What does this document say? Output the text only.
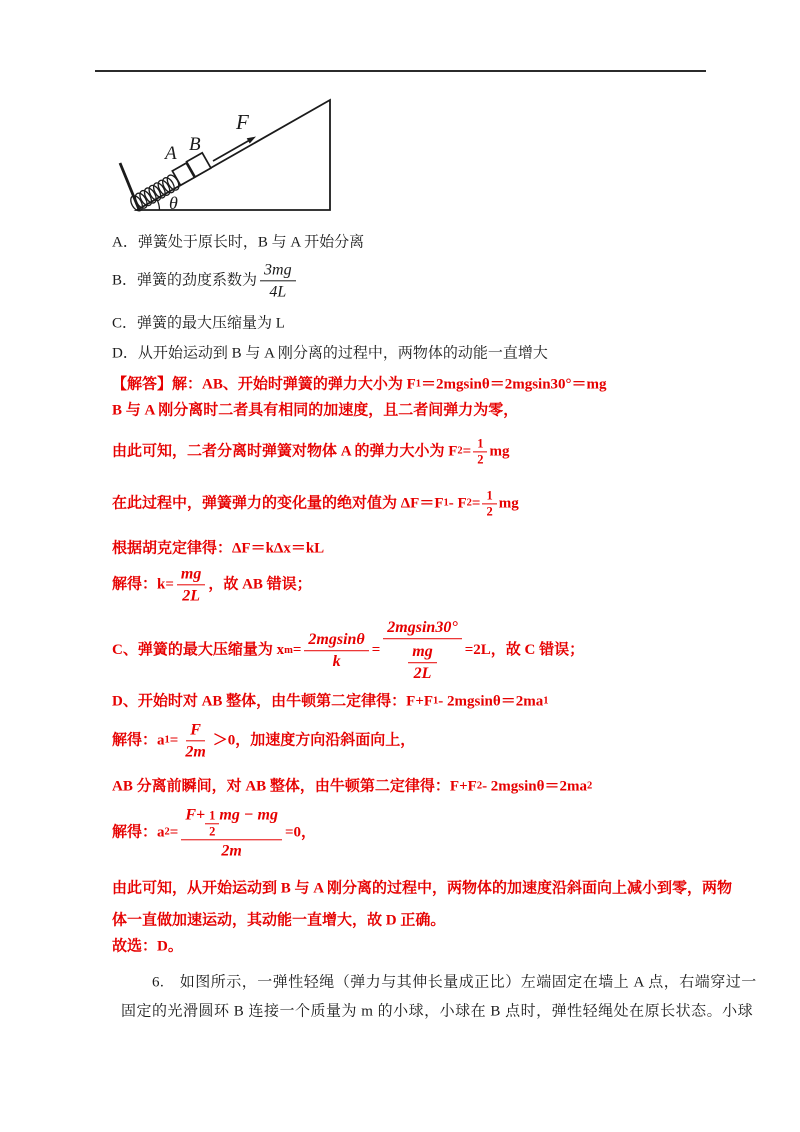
A B
F
θ
A．弹簧处于原长时，B 与 A 开始分离
B．弹簧的劲度系数为 $\frac{3mg}{4L}$
C．弹簧的最大压缩量为 L
D．从开始运动到 B 与 A 刚分离的过程中，两物体的动能一直增大
【解答】 解：AB、开始时弹簧的弹力大小为 F 1 ＝2mgsinθ＝2mgsin30°＝mg
B 与 A 刚分离时二者具有相同的加速度，且二者间弹力为零，
由此可知，二者分离时弹簧对物体 A 的弹力大小为 F $2 = \frac{1}{2}$ mg
在此过程中，弹簧弹力的变化量的绝对值为 ΔF＝F 1 - F $2 = \frac{1}{2}$ mg
根据胡克定律得：ΔF＝kΔx＝kL
解得：$k= \frac{mg}{2L}$ ，故 AB 错误；
C、弹簧的最大压缩量为 x $m = \frac{2mgsin\theta}{k} = \frac{2mgsin30^\circ}{\frac{mg}{2L}} =2L$，故 C 错误；
D、开始时对 AB 整体，由牛顿第二定律得：F+F 1 - 2mgsinθ＝2ma 1
解得：a $1 = \frac{F}{2m} >0$，加速度方向沿斜面向上，
AB 分离前瞬间，对 AB 整体，由牛顿第二定律得：F+F 2 - 2mgsinθ＝2ma 2
解得：a $2 = \frac{F+ \frac{1}{2} mg - mg}{2m} =0$，
由此可知，从开始运动到 B 与 A 刚分离的过程中，两物体的加速度沿斜面向上减小到零，两物
体一直做加速运动，其动能一直增大，故 D 正确。
故选：D。
6.　如图所示，一弹性轻绳（弹力与其伸长量成正比）左端固定在墙上 A 点，右端穿过一
固定的光滑圆环 B 连接一个质量为 m 的小球，小球在 B 点时，弹性轻绳处在原长状态。小球
